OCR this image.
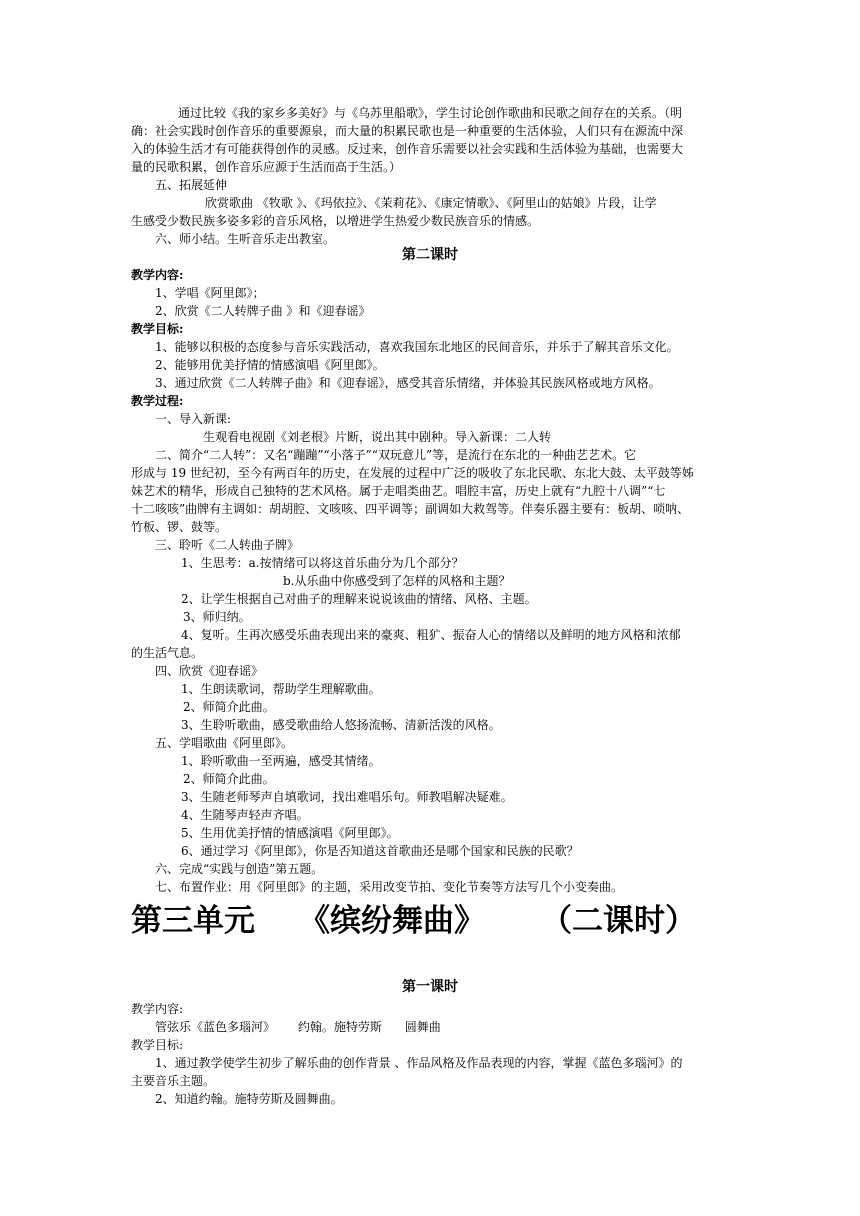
通过比较《我的家乡多美好》与《乌苏里船歌》，学生讨论创作歌曲和民歌之间存在的关系。（明
确：社会实践时创作音乐的重要源泉，而大量的积累民歌也是一种重要的生活体验，人们只有在源流中深
入的体验生活才有可能获得创作的灵感。反过来，创作音乐需要以社会实践和生活体验为基础，也需要大
量的民歌积累，创作音乐应源于生活而高于生活。）
五、拓展延伸
欣赏歌曲 《牧歌 》、《玛依拉》、《茉莉花》、《康定情歌》、《阿里山的姑娘》片段，让学
生感受少数民族多姿多彩的音乐风格，以增进学生热爱少数民族音乐的情感。
六、师小结。生听音乐走出教室。
第二课时
教学内容:
1、学唱《阿里郎》；
2、欣赏《二人转牌子曲 》和《迎春谣》
教学目标:
1、能够以积极的态度参与音乐实践活动，喜欢我国东北地区的民间音乐，并乐于了解其音乐文化。
2、能够用优美抒情的情感演唱《阿里郎》。
3、通过欣赏《二人转牌子曲》和《迎春谣》，感受其音乐情绪，并体验其民族风格或地方风格。
教学过程:
一、导入新课:
生观看电视剧《刘老根》片断，说出其中剧种。导入新课：二人转
二、简介“二人转”：又名“蹦蹦”“小落子”“双玩意儿”等，是流行在东北的一种曲艺艺术。它
形成与 19 世纪初，至今有两百年的历史，在发展的过程中广泛的吸收了东北民歌、东北大鼓、太平鼓等姊
妹艺术的精华，形成自己独特的艺术风格。属于走唱类曲艺。唱腔丰富，历史上就有“九腔十八调”“七
十二咳咳”曲牌有主调如：胡胡腔、文咳咳、四平调等；副调如大救驾等。伴奏乐器主要有：板胡、唢呐、
竹板、锣、鼓等。
三、聆听《二人转曲子牌》
1、生思考：a.按情绪可以将这首乐曲分为几个部分？
b.从乐曲中你感受到了怎样的风格和主题？
2、让学生根据自己对曲子的理解来说说该曲的情绪、风格、主题。
3、师归纳。
4、复听。生再次感受乐曲表现出来的豪爽、粗犷、振奋人心的情绪以及鲜明的地方风格和浓郁
的生活气息。
四、欣赏《迎春谣》
1、生朗读歌词，帮助学生理解歌曲。
2、师简介此曲。
3、生聆听歌曲，感受歌曲给人悠扬流畅、清新活泼的风格。
五、学唱歌曲《阿里郎》。
1、聆听歌曲一至两遍，感受其情绪。
2、师简介此曲。
3、生随老师琴声自填歌词，找出难唱乐句。师教唱解决疑难。
4、生随琴声轻声齐唱。
5、生用优美抒情的情感演唱《阿里郎》。
6、通过学习《阿里郎》，你是否知道这首歌曲还是哪个国家和民族的民歌？
六、完成“实践与创造”第五题。
七、布置作业：用《阿里郎》的主题，采用改变节拍、变化节奏等方法写几个小变奏曲。
第三单元 《缤纷舞曲》 （二课时）
第一课时
教学内容:
管弦乐《蓝色多瑙河》      约翰。施特劳斯      圆舞曲
教学目标:
1、通过教学使学生初步了解乐曲的创作背景 、作品风格及作品表现的内容，掌握《蓝色多瑙河》的
主要音乐主题。
2、知道约翰。施特劳斯及圆舞曲。
